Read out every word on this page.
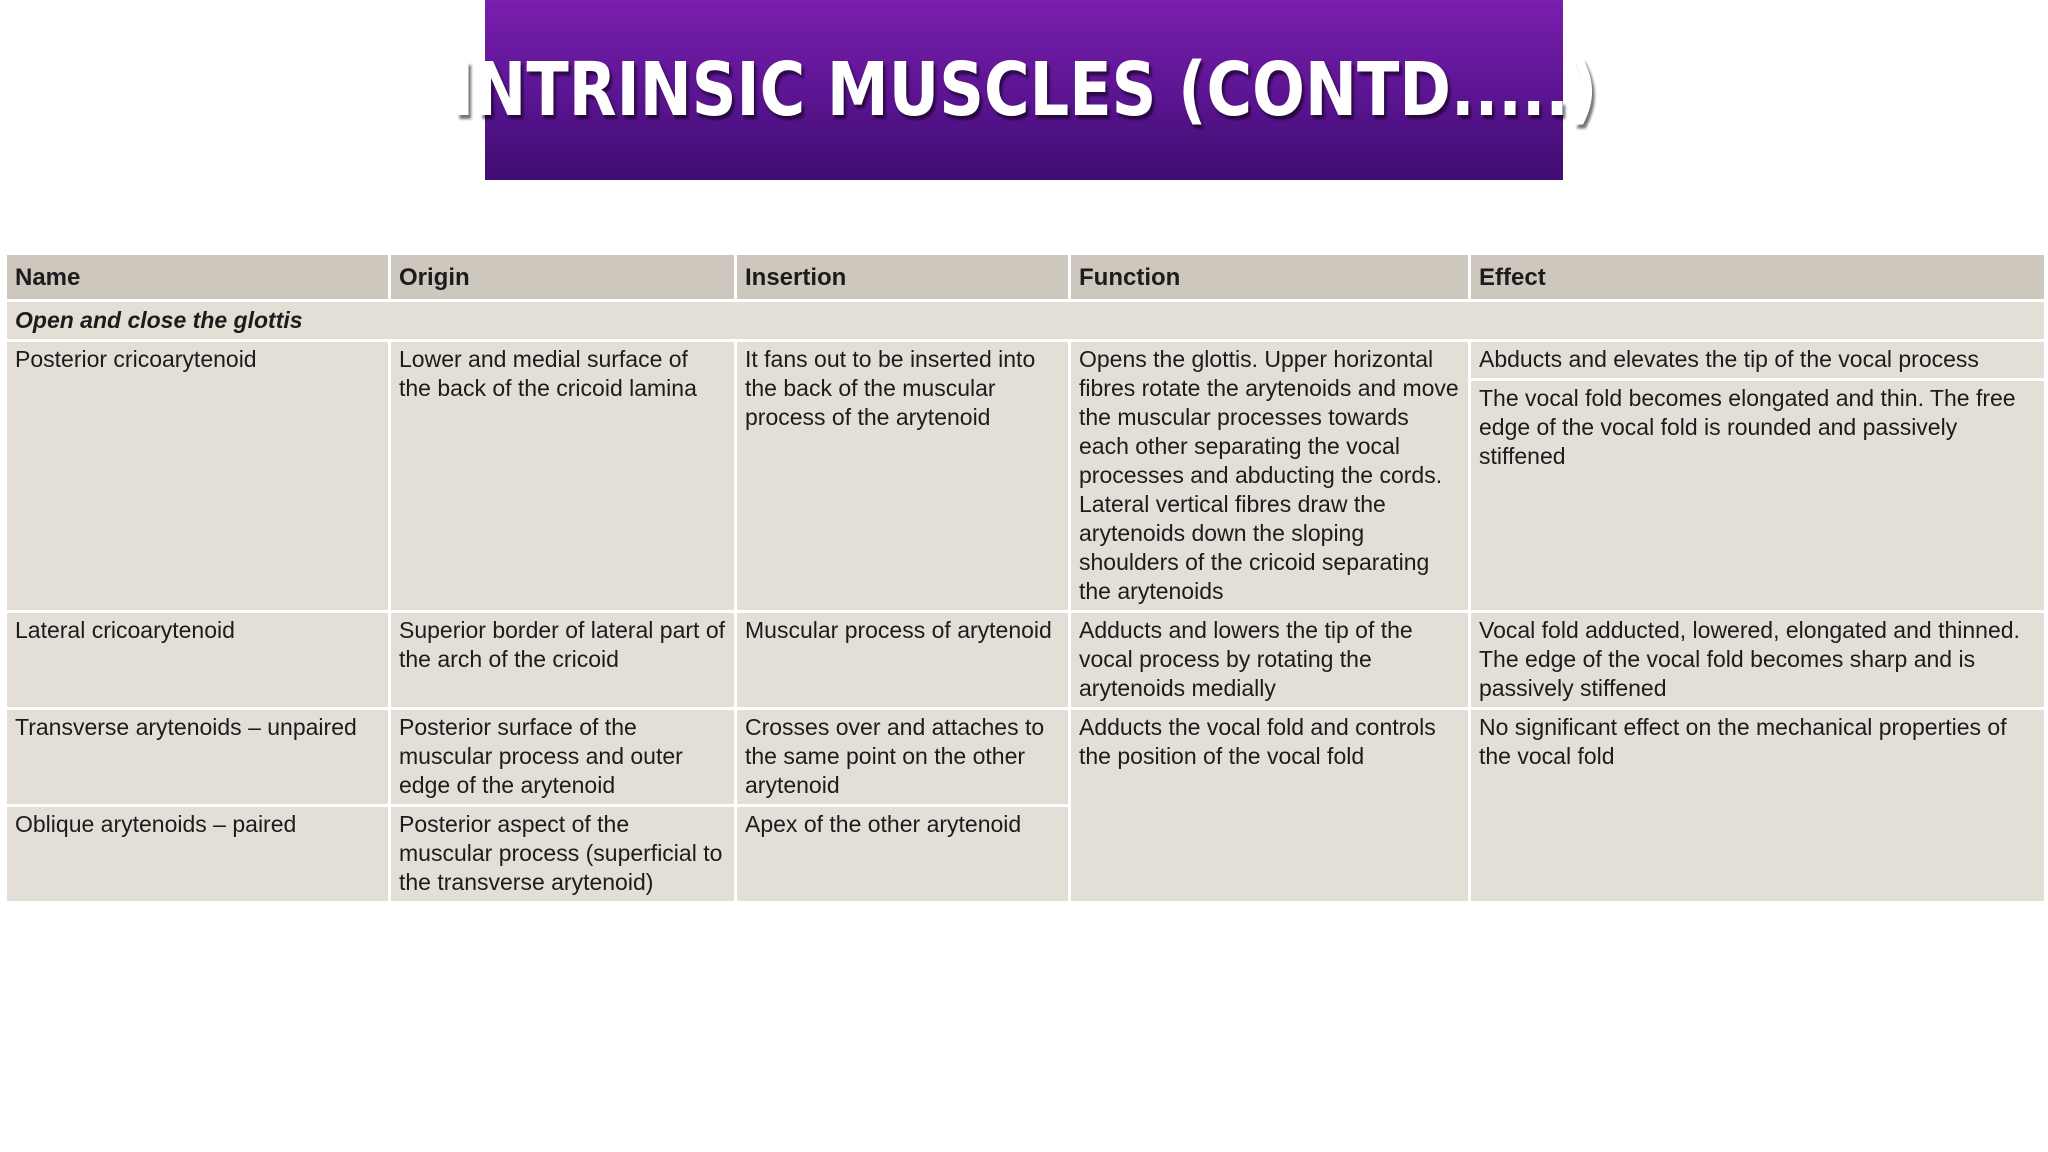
INTRINSIC MUSCLES (CONTD.....)
Name	Origin	Insertion	Function	Effect
Open and close the glottis				
Posterior cricoarytenoid	Lower and medial surface of the back of the cricoid lamina	It fans out to be inserted into the back of the muscular process of the arytenoid	Opens the glottis. Upper horizontal fibres rotate the arytenoids and move the muscular processes towards each other separating the vocal processes and abducting the cords. Lateral vertical fibres draw the arytenoids down the sloping shoulders of the cricoid separating the arytenoids	Abducts and elevates the tip of the vocal process
The vocal fold becomes elongated and thin. The free edge of the vocal fold is rounded and passively stiffened

Lateral cricoarytenoid	Superior border of lateral part of the arch of the cricoid	Muscular process of arytenoid	Adducts and lowers the tip of the vocal process by rotating the arytenoids medially	Vocal fold adducted, lowered, elongated and thinned. The edge of the vocal fold becomes sharp and is passively stiffened
Transverse arytenoids – unpaired	Posterior surface of the muscular process and outer edge of the arytenoid	Crosses over and attaches to the same point on the other arytenoid	Adducts the vocal fold and controls the position of the vocal fold	No significant effect on the mechanical properties of the vocal fold
Oblique arytenoids – paired	Posterior aspect of the muscular process (superficial to the transverse arytenoid)	Apex of the other arytenoid		
